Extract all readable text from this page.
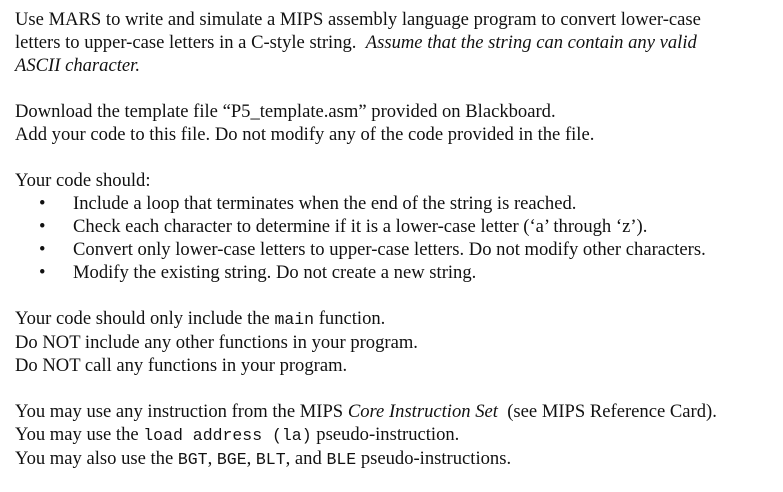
Use MARS to write and simulate a MIPS assembly language program to convert lower-case
letters to upper-case letters in a C-style string. Assume that the string can contain any valid
ASCII character.

Download the template file “P5_template.asm” provided on Blackboard.
Add your code to this file. Do not modify any of the code provided in the file.

Your code should:

• Include a loop that terminates when the end of the string is reached.
• Check each character to determine if it is a lower-case letter (‘a’ through ‘z’).
• Convert only lower-case letters to upper-case letters. Do not modify other characters.
• Modify the existing string. Do not create a new string.

Your code should only include the main function.
Do NOT include any other functions in your program.
Do NOT call any functions in your program.

You may use any instruction from the MIPS Core Instruction Set (see MIPS Reference Card).
You may use the load address (la) pseudo-instruction.
You may also use the BGT, BGE, BLT, and BLE pseudo-instructions.
